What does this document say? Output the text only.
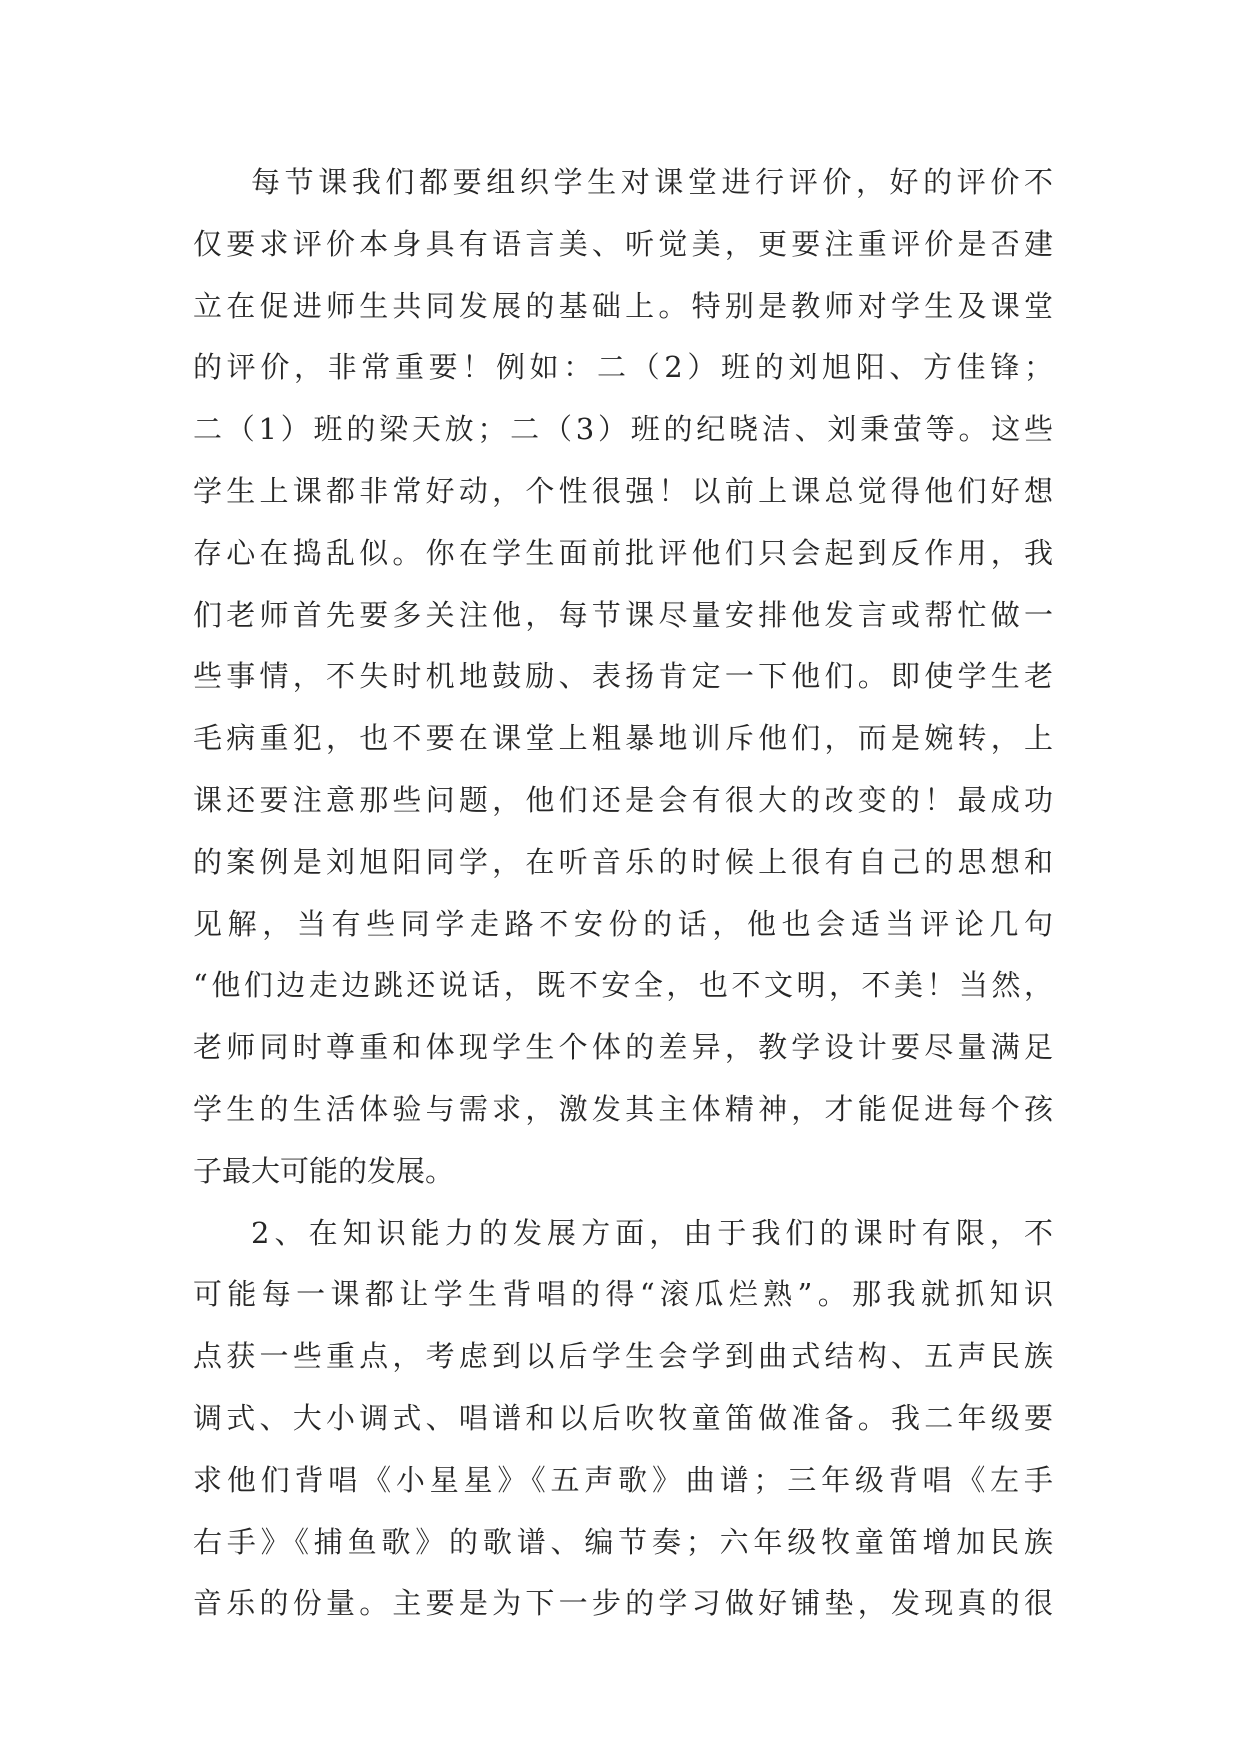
每节课我们都要组织学生对课堂进行评价，好的评价不
仅要求评价本身具有语言美、听觉美，更要注重评价是否建
立在促进师生共同发展的基础上。特别是教师对学生及课堂
的评价，非常重要！例如：二（2）班的刘旭阳、方佳锋；
二（1）班的梁天放；二（3）班的纪晓洁、刘秉萤等。这些
学生上课都非常好动，个性很强！以前上课总觉得他们好想
存心在捣乱似。你在学生面前批评他们只会起到反作用，我
们老师首先要多关注他，每节课尽量安排他发言或帮忙做一
些事情，不失时机地鼓励、表扬肯定一下他们。即使学生老
毛病重犯，也不要在课堂上粗暴地训斥他们，而是婉转，上
课还要注意那些问题，他们还是会有很大的改变的！最成功
的案例是刘旭阳同学，在听音乐的时候上很有自己的思想和
见解，当有些同学走路不安份的话，他也会适当评论几句
“他们边走边跳还说话，既不安全，也不文明，不美！当然，
老师同时尊重和体现学生个体的差异，教学设计要尽量满足
学生的生活体验与需求，激发其主体精神，才能促进每个孩
子最大可能的发展。
2、在知识能力的发展方面，由于我们的课时有限，不
可能每一课都让学生背唱的得“滚瓜烂熟”。那我就抓知识
点获一些重点，考虑到以后学生会学到曲式结构、五声民族
调式、大小调式、唱谱和以后吹牧童笛做准备。我二年级要
求他们背唱《小星星》《五声歌》曲谱；三年级背唱《左手
右手》《捕鱼歌》的歌谱、编节奏；六年级牧童笛增加民族
音乐的份量。主要是为下一步的学习做好铺垫，发现真的很
